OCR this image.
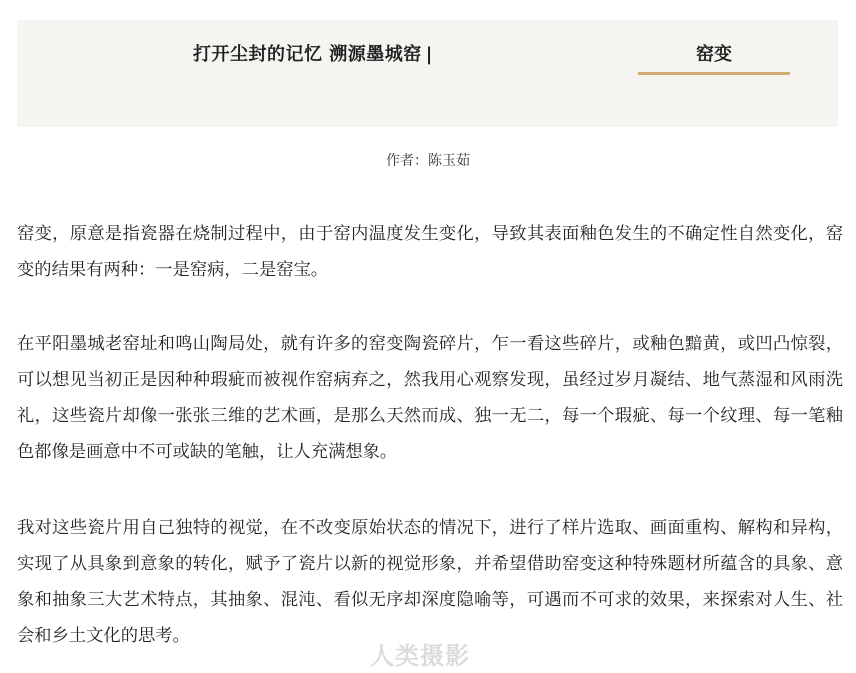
打开尘封的记忆 溯源墨城窑 |	窑变
作者：陈玉茹

窑变，原意是指瓷器在烧制过程中，由于窑内温度发生变化，导致其表面釉色发生的不确定性自然变化，窑变的结果有两种：一是窑病，二是窑宝。

在平阳墨城老窑址和鸣山陶局处，就有许多的窑变陶瓷碎片，乍一看这些碎片，或釉色黯黄，或凹凸惊裂，可以想见当初正是因种种瑕疵而被视作窑病弃之，然我用心观察发现，虽经过岁月凝结、地气蒸湿和风雨洗礼，这些瓷片却像一张张三维的艺术画，是那么天然而成、独一无二，每一个瑕疵、每一个纹理、每一笔釉色都像是画意中不可或缺的笔触，让人充满想象。

我对这些瓷片用自己独特的视觉，在不改变原始状态的情况下，进行了样片选取、画面重构、解构和异构，实现了从具象到意象的转化，赋予了瓷片以新的视觉形象，并希望借助窑变这种特殊题材所蕴含的具象、意象和抽象三大艺术特点，其抽象、混沌、看似无序却深度隐喻等，可遇而不可求的效果，来探索对人生、社会和乡土文化的思考。

人类摄影
